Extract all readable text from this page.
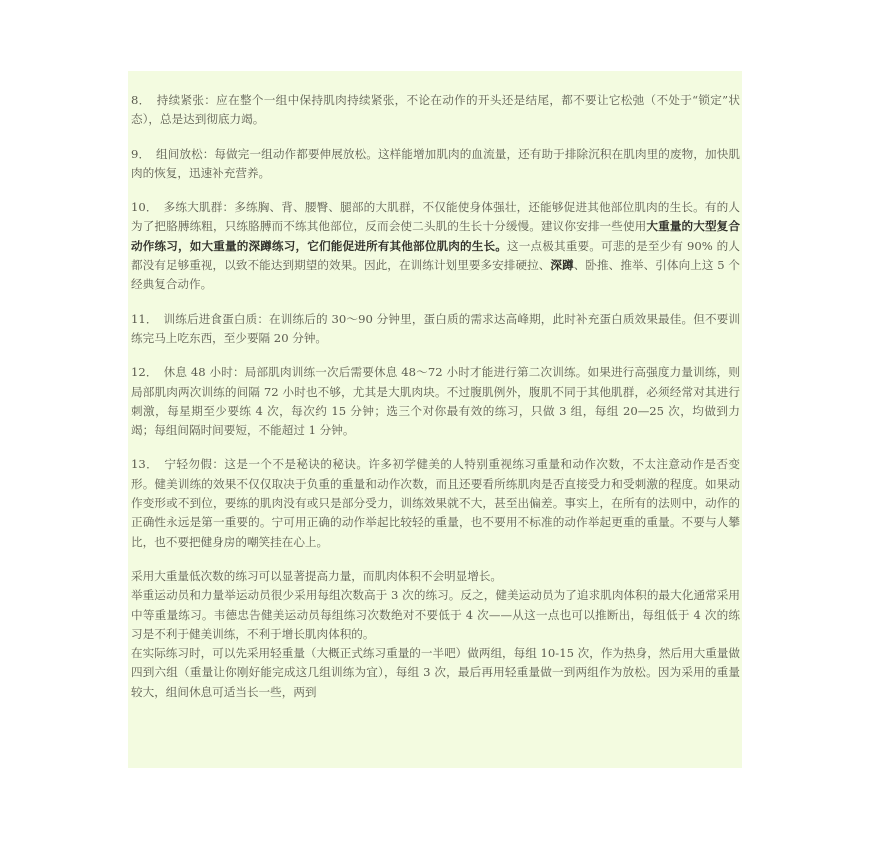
8．　持续紧张：应在整个一组中保持肌肉持续紧张，不论在动作的开头还是结尾，都不要让它松弛（不处于“锁定”状态），总是达到彻底力竭。

9．　组间放松：每做完一组动作都要伸展放松。这样能增加肌肉的血流量，还有助于排除沉积在肌肉里的废物，加快肌肉的恢复，迅速补充营养。

10．　多练大肌群：多练胸、背、腰臀、腿部的大肌群，不仅能使身体强壮，还能够促进其他部位肌肉的生长。有的人为了把胳膊练粗，只练胳膊而不练其他部位，反而会使二头肌的生长十分缓慢。建议你安排一些使用大重量的大型复合动作练习，如大重量的深蹲练习，它们能促进所有其他部位肌肉的生长。这一点极其重要。可悲的是至少有 90% 的人都没有足够重视，以致不能达到期望的效果。因此，在训练计划里要多安排硬拉、深蹲、卧推、推举、引体向上这 5 个经典复合动作。

11．　训练后进食蛋白质：在训练后的 30～90 分钟里，蛋白质的需求达高峰期，此时补充蛋白质效果最佳。但不要训练完马上吃东西，至少要隔 20 分钟。

12．　休息 48 小时：局部肌肉训练一次后需要休息 48～72 小时才能进行第二次训练。如果进行高强度力量训练，则局部肌肉两次训练的间隔 72 小时也不够，尤其是大肌肉块。不过腹肌例外，腹肌不同于其他肌群，必须经常对其进行刺激，每星期至少要练 4 次，每次约 15 分钟；选三个对你最有效的练习，只做 3 组，每组 20—25 次，均做到力竭；每组间隔时间要短，不能超过 1 分钟。

13．　宁轻勿假：这是一个不是秘诀的秘诀。许多初学健美的人特别重视练习重量和动作次数，不太注意动作是否变形。健美训练的效果不仅仅取决于负重的重量和动作次数，而且还要看所练肌肉是否直接受力和受刺激的程度。如果动作变形或不到位，要练的肌肉没有或只是部分受力，训练效果就不大，甚至出偏差。事实上，在所有的法则中，动作的正确性永远是第一重要的。宁可用正确的动作举起比较轻的重量，也不要用不标准的动作举起更重的重量。不要与人攀比，也不要把健身房的嘲笑挂在心上。

采用大重量低次数的练习可以显著提高力量，而肌肉体积不会明显增长。

举重运动员和力量举运动员很少采用每组次数高于 3 次的练习。反之，健美运动员为了追求肌肉体积的最大化通常采用中等重量练习。韦德忠告健美运动员每组练习次数绝对不要低于 4 次——从这一点也可以推断出，每组低于 4 次的练习是不利于健美训练，不利于增长肌肉体积的。

在实际练习时，可以先采用轻重量（大概正式练习重量的一半吧）做两组，每组 10-15 次，作为热身，然后用大重量做四到六组（重量让你刚好能完成这几组训练为宜），每组 3 次，最后再用轻重量做一到两组作为放松。因为采用的重量较大，组间休息可适当长一些，两到
